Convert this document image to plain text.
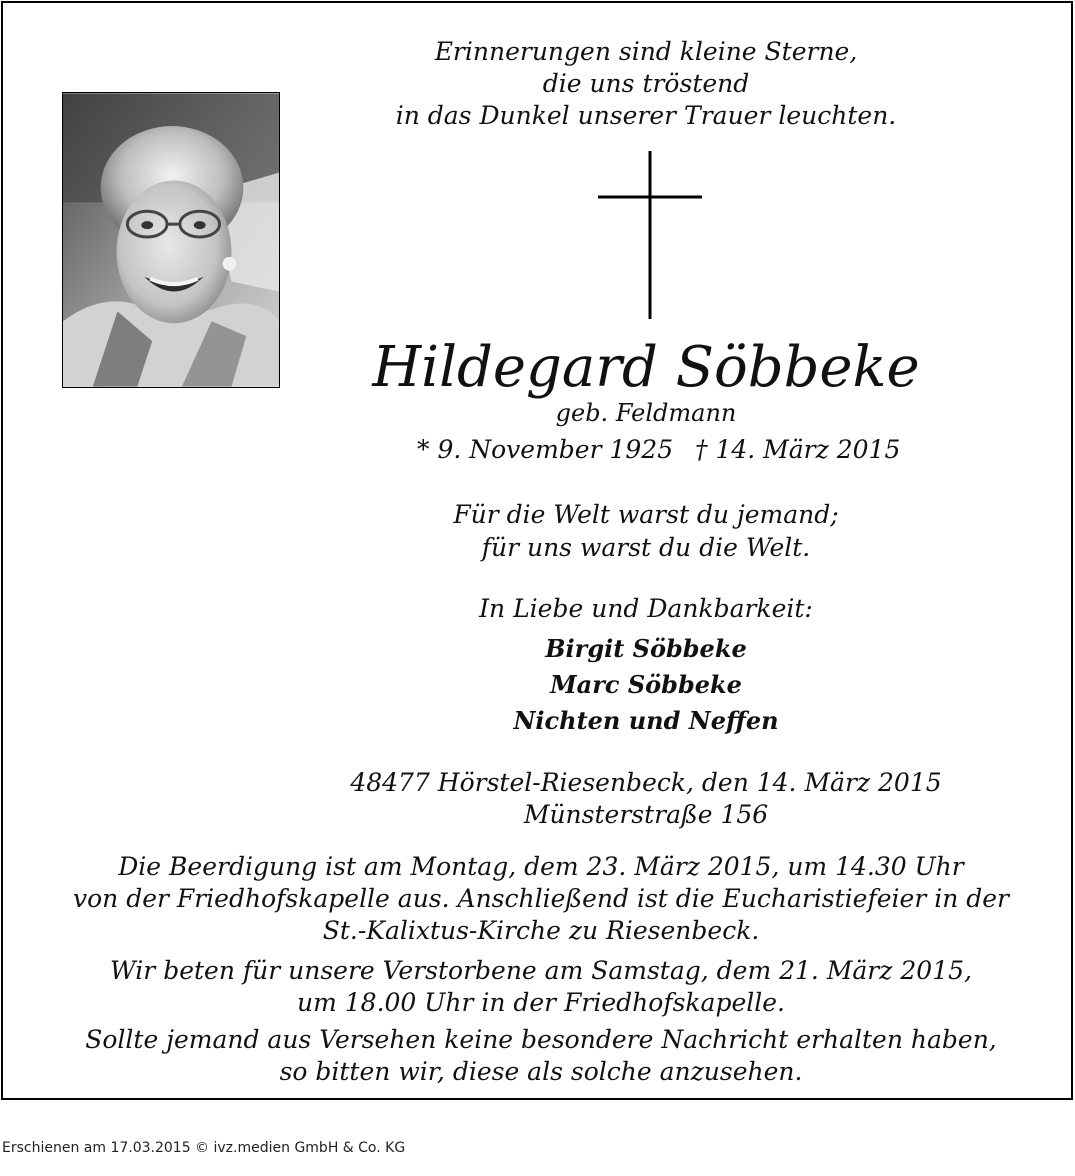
Erinnerungen sind kleine Sterne,
die uns tröstend
in das Dunkel unserer Trauer leuchten.
Hildegard Söbbeke
geb. Feldmann
* 9. November 1925 † 14. März 2015
Für die Welt warst du jemand;
für uns warst du die Welt.
In Liebe und Dankbarkeit:
Birgit Söbbeke
Marc Söbbeke
Nichten und Neffen
48477 Hörstel-Riesenbeck, den 14. März 2015
Münsterstraße 156
Die Beerdigung ist am Montag, dem 23. März 2015, um 14.30 Uhr
von der Friedhofskapelle aus. Anschließend ist die Eucharistiefeier in der
St.-Kalixtus-Kirche zu Riesenbeck.
Wir beten für unsere Verstorbene am Samstag, dem 21. März 2015,
um 18.00 Uhr in der Friedhofskapelle.
Sollte jemand aus Versehen keine besondere Nachricht erhalten haben,
so bitten wir, diese als solche anzusehen.
Erschienen am 17.03.2015 © ivz.medien GmbH & Co. KG
